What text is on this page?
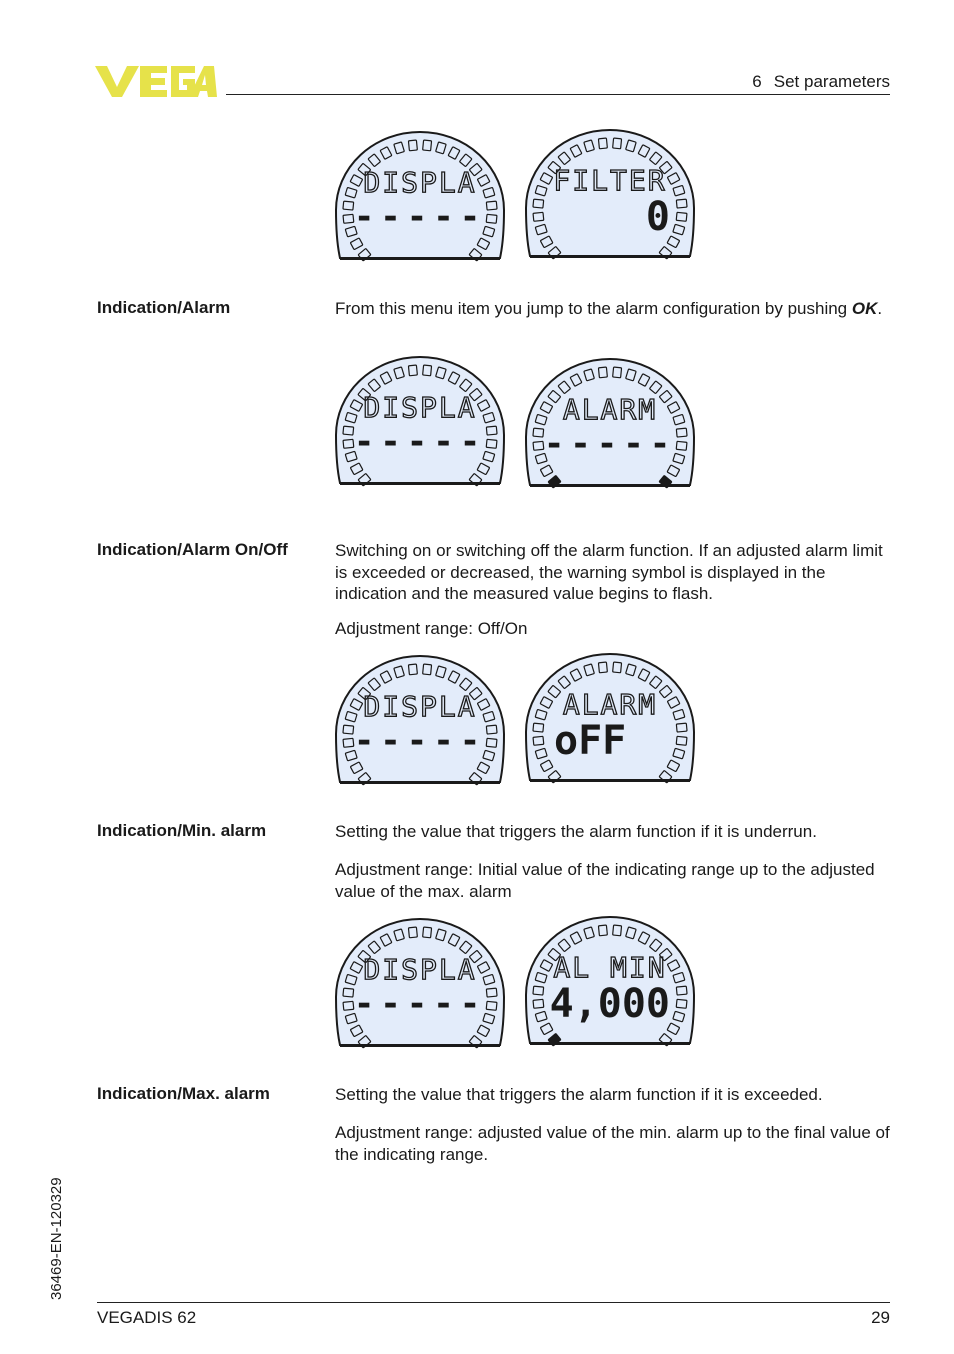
6 Set parameters
DISPLA
-----
FILTER
0
DISPLA
-----
ALARM
-----
DISPLA
-----
ALARM
oFF
DISPLA
-----
AL MIN
4,000
Indication/Alarm	From this menu item you jump to the alarm configuration by pushing OK.
Indication/Alarm On/Off	Switching on or switching off the alarm function. If an adjusted alarm limit is exceeded or decreased, the warning symbol is displayed in the indication and the measured value begins to flash.
Adjustment range: Off/On
Indication/Min. alarm	Setting the value that triggers the alarm function if it is underrun.
Adjustment range: Initial value of the indicating range up to the adjusted value of the max. alarm
Indication/Max. alarm	Setting the value that triggers the alarm function if it is exceeded.
Adjustment range: adjusted value of the min. alarm up to the final value of the indicating range.
36469-EN-120329
VEGADIS 62	29
